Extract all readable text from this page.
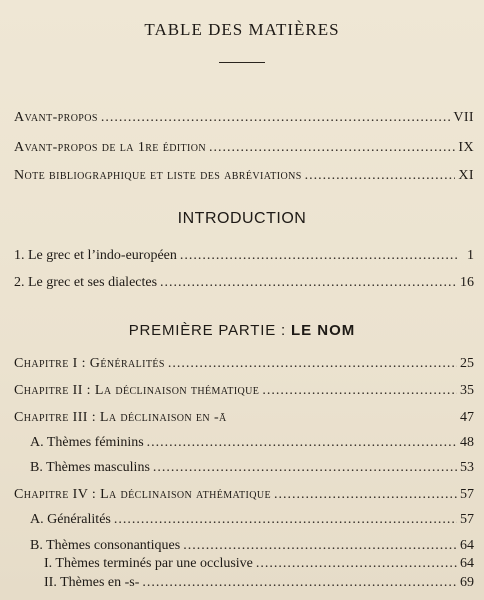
TABLE DES MATIÈRES
Avant-propos .....	VII
Avant-propos de la 1re édition .....	IX
Note bibliographique et liste des abréviations .....	XI
INTRODUCTION
1. Le grec et l’indo-européen .....	1
2. Le grec et ses dialectes .....	16
PREMIÈRE PARTIE : LE NOM
Chapitre I : Généralités .....	25
Chapitre II : La déclinaison thématique .....	35
Chapitre III : La déclinaison en -ā	47
A. Thèmes féminins .....	48
B. Thèmes masculins .....	53
Chapitre IV : La déclinaison athématique .....	57
A. Généralités .....	57
B. Thèmes consonantiques .....	64
I. Thèmes terminés par une occlusive .....	64
II. Thèmes en -s- .....	69
